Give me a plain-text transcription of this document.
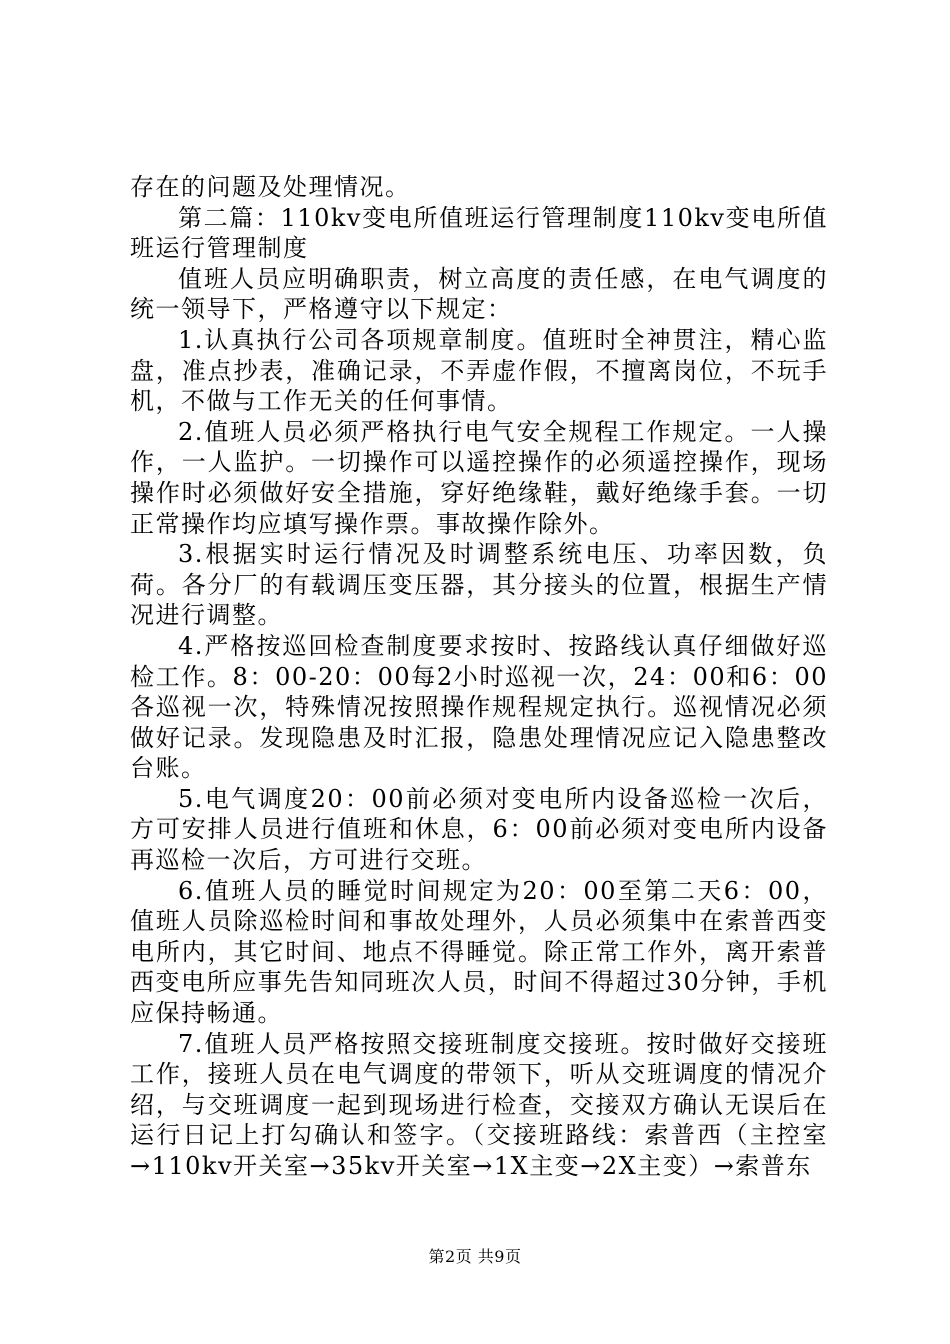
存在的问题及处理情况。

第二篇：110kv变电所值班运行管理制度110kv变电所值班运行管理制度

值班人员应明确职责，树立高度的责任感，在电气调度的统一领导下，严格遵守以下规定：

1.认真执行公司各项规章制度。值班时全神贯注，精心监盘，准点抄表，准确记录，不弄虚作假，不擅离岗位，不玩手机，不做与工作无关的任何事情。

2.值班人员必须严格执行电气安全规程工作规定。一人操作，一人监护。一切操作可以遥控操作的必须遥控操作，现场操作时必须做好安全措施，穿好绝缘鞋，戴好绝缘手套。一切正常操作均应填写操作票。事故操作除外。

3.根据实时运行情况及时调整系统电压、功率因数，负荷。各分厂的有载调压变压器，其分接头的位置，根据生产情况进行调整。

4.严格按巡回检查制度要求按时、按路线认真仔细做好巡检工作。8：00-20：00每2小时巡视一次，24：00和6：00各巡视一次，特殊情况按照操作规程规定执行。巡视情况必须做好记录。发现隐患及时汇报，隐患处理情况应记入隐患整改台账。

5.电气调度20：00前必须对变电所内设备巡检一次后，方可安排人员进行值班和休息，6：00前必须对变电所内设备再巡检一次后，方可进行交班。

6.值班人员的睡觉时间规定为20：00至第二天6：00，值班人员除巡检时间和事故处理外，人员必须集中在索普西变电所内，其它时间、地点不得睡觉。除正常工作外，离开索普西变电所应事先告知同班次人员，时间不得超过30分钟，手机应保持畅通。

7.值班人员严格按照交接班制度交接班。按时做好交接班工作，接班人员在电气调度的带领下，听从交班调度的情况介绍，与交班调度一起到现场进行检查，交接双方确认无误后在运行日记上打勾确认和签字。（交接班路线：索普西（主控室→110kv开关室→35kv开关室→1X主变→2X主变）→索普东

第2页 共9页
